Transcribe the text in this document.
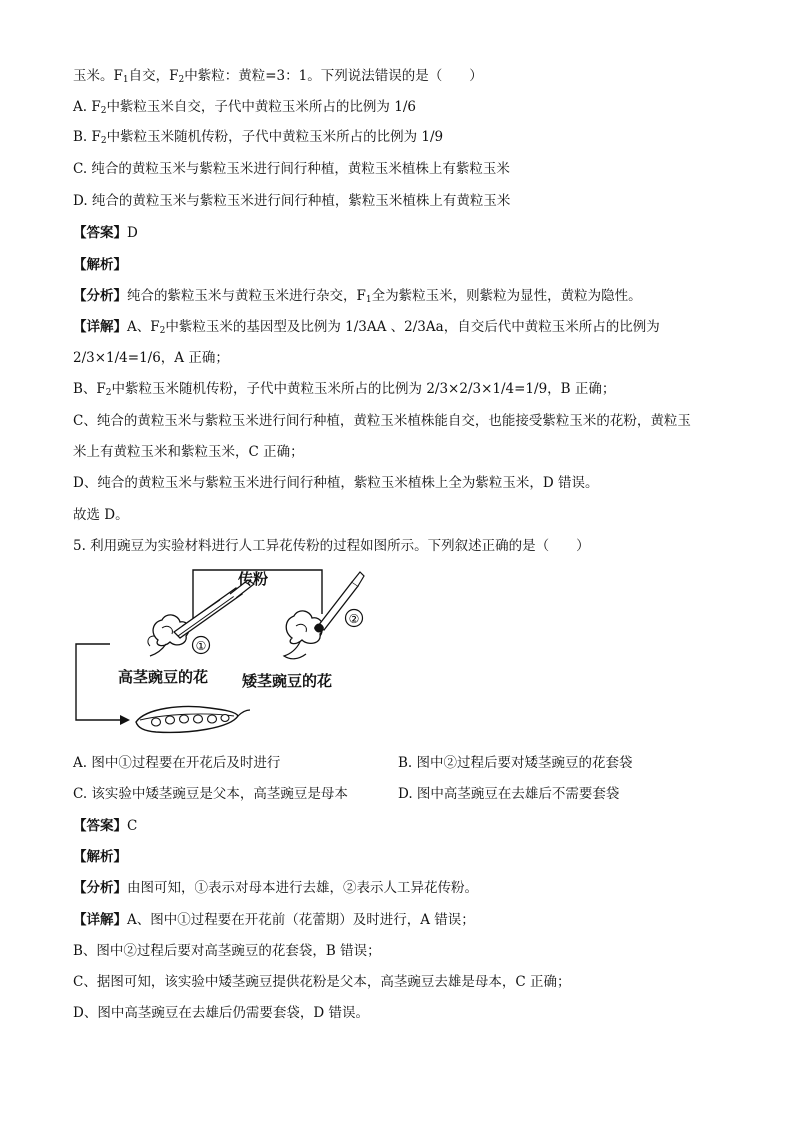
玉米。$F_1$自交，$F_2$中紫粒：黄粒=3：1。下列说法错误的是（　　）
A. $F_2$中紫粒玉米自交，子代中黄粒玉米所占的比例为 1/6
B. $F_2$中紫粒玉米随机传粉，子代中黄粒玉米所占的比例为 1/9
C. 纯合的黄粒玉米与紫粒玉米进行间行种植，黄粒玉米植株上有紫粒玉米
D. 纯合的黄粒玉米与紫粒玉米进行间行种植，紫粒玉米植株上有黄粒玉米
【答案】D
【解析】
【分析】纯合的紫粒玉米与黄粒玉米进行杂交，$F_1$全为紫粒玉米，则紫粒为显性，黄粒为隐性。
【详解】A、$F_2$中紫粒玉米的基因型及比例为 1/3AA 、2/3Aa，自交后代中黄粒玉米所占的比例为
2/3×1/4=1/6，A 正确；
B、$F_2$中紫粒玉米随机传粉，子代中黄粒玉米所占的比例为 2/3×2/3×1/4=1/9，B 正确；
C、纯合的黄粒玉米与紫粒玉米进行间行种植，黄粒玉米植株能自交，也能接受紫粒玉米的花粉，黄粒玉
米上有黄粒玉米和紫粒玉米，C 正确；
D、纯合的黄粒玉米与紫粒玉米进行间行种植，紫粒玉米植株上全为紫粒玉米，D 错误。
故选 D。
5. 利用豌豆为实验材料进行人工异花传粉的过程如图所示。下列叙述正确的是（　　）
①
②
传粉
高茎豌豆的花 矮茎豌豆的花
A. 图中①过程要在开花后及时进行	B. 图中②过程后要对矮茎豌豆的花套袋
C. 该实验中矮茎豌豆是父本，高茎豌豆是母本	D. 图中高茎豌豆在去雄后不需要套袋
【答案】C
【解析】
【分析】由图可知，①表示对母本进行去雄，②表示人工异花传粉。
【详解】A、图中①过程要在开花前（花蕾期）及时进行，A 错误；
B、图中②过程后要对高茎豌豆的花套袋，B 错误；
C、据图可知，该实验中矮茎豌豆提供花粉是父本，高茎豌豆去雄是母本，C 正确；
D、图中高茎豌豆在去雄后仍需要套袋，D 错误。
